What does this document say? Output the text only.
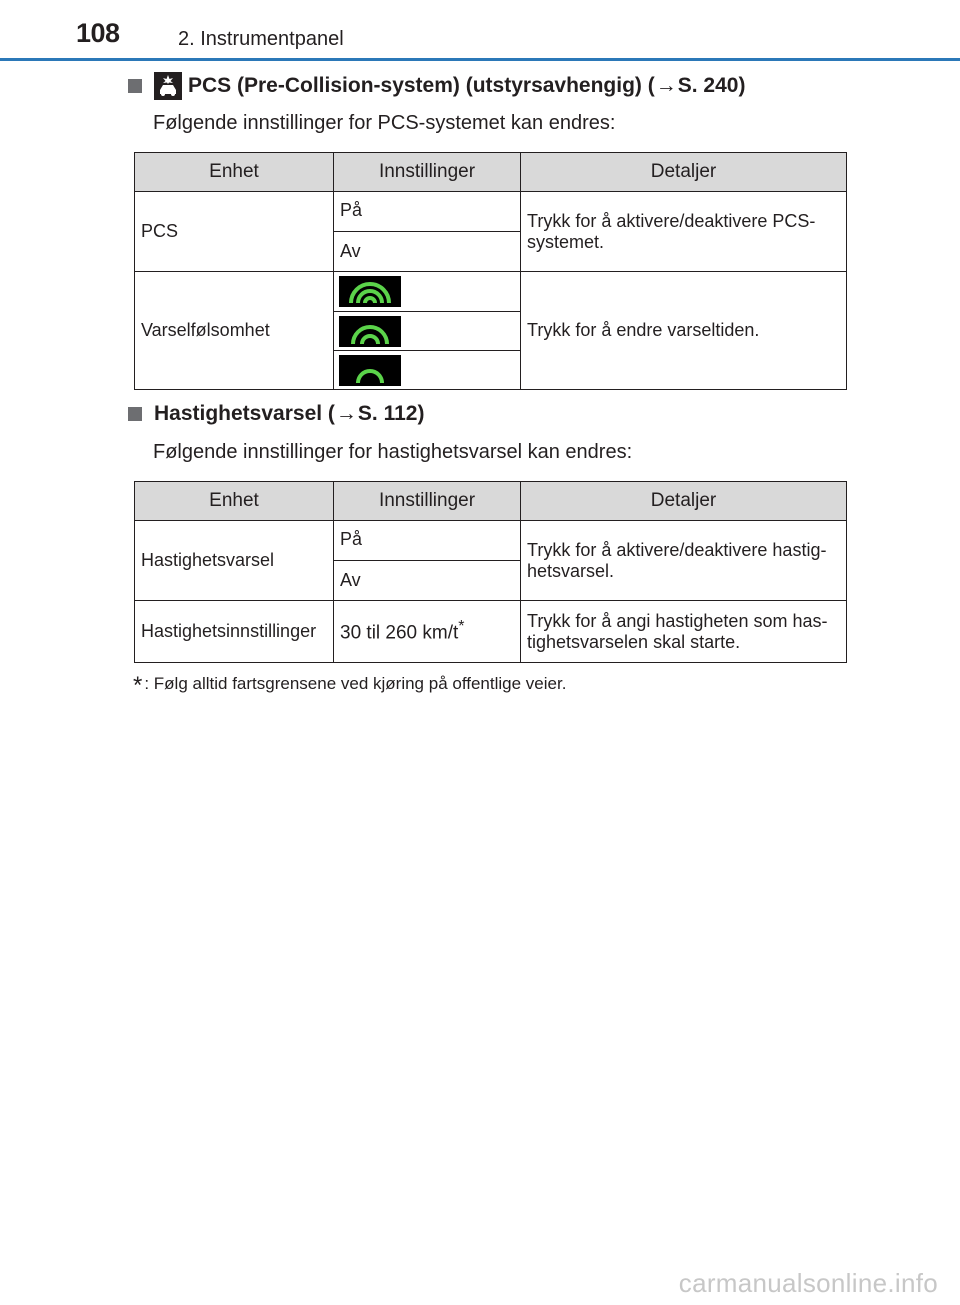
108	2. Instrumentpanel
PCS (Pre-Collision-system) (utstyrsavhengig) ( → S. 240)
Følgende innstillinger for PCS-systemet kan endres:
Enhet	Innstillinger	Detaljer
PCS	På	Trykk for å aktivere/deaktivere PCS-systemet.
	Av	
Varselfølsomhet		Trykk for å endre varseltiden.

Hastighetsvarsel ( → S. 112)
Følgende innstillinger for hastighetsvarsel kan endres:
Enhet	Innstillinger	Detaljer
Hastighetsvarsel	På	Trykk for å aktivere/deaktivere hastig-hetsvarsel.
	Av	
Hastighetsinnstillinger	30 til 260 km/t*	Trykk for å angi hastigheten som has-tighetsvarselen skal starte.
* : Følg alltid fartsgrensene ved kjøring på offentlige veier.
carmanualsonline.info
